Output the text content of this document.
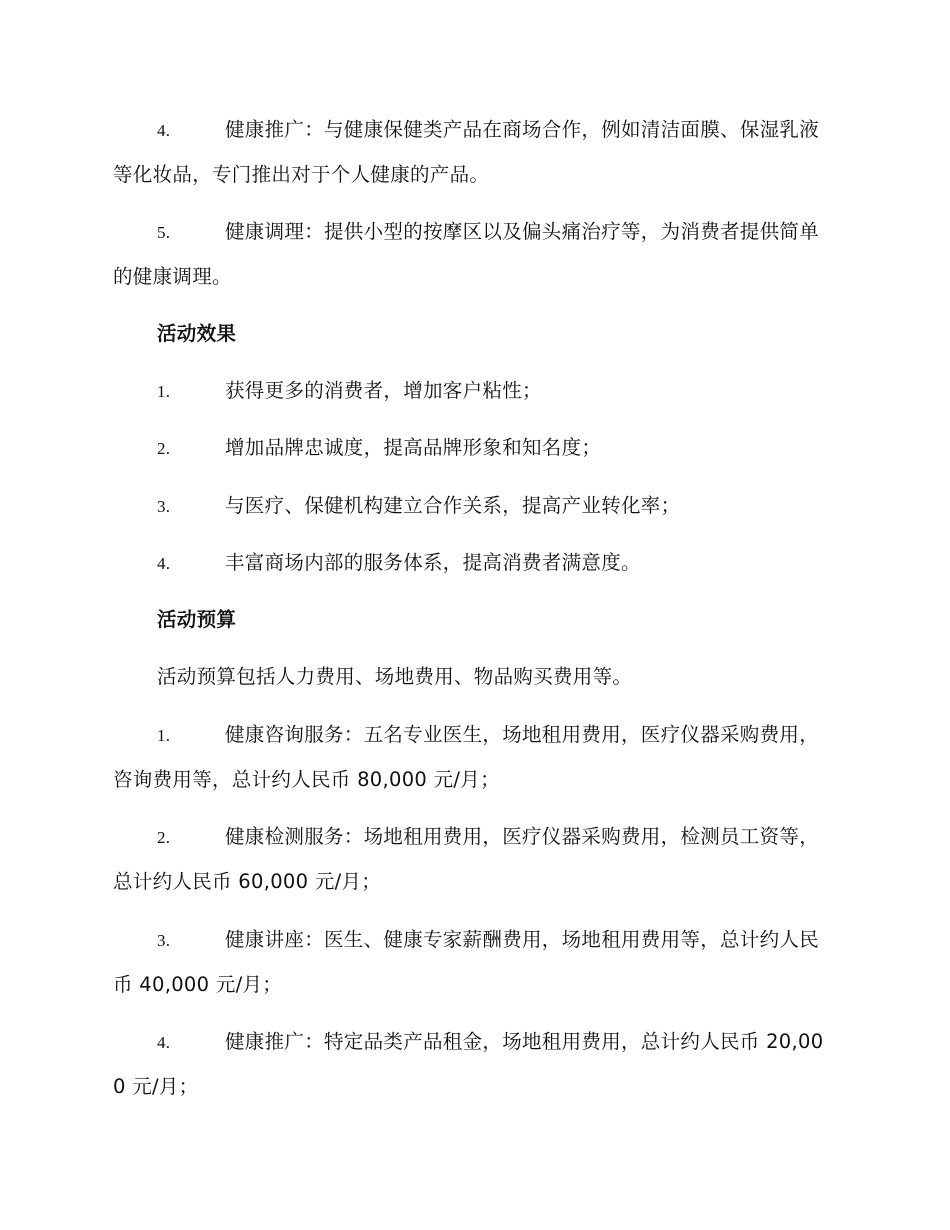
4.	健康推广：与健康保健类产品在商场合作，例如清洁面膜、保湿乳液等化妆品，专门推出对于个人健康的产品。

5.	健康调理：提供小型的按摩区以及偏头痛治疗等，为消费者提供简单的健康调理。

活动效果

1.	获得更多的消费者，增加客户粘性；

2.	增加品牌忠诚度，提高品牌形象和知名度；

3.	与医疗、保健机构建立合作关系，提高产业转化率；

4.	丰富商场内部的服务体系，提高消费者满意度。

活动预算
活动预算包括人力费用、场地费用、物品购买费用等。

1.	健康咨询服务：五名专业医生，场地租用费用，医疗仪器采购费用，咨询费用等，总计约人民币 80,000 元/月；

2.	健康检测服务：场地租用费用，医疗仪器采购费用，检测员工资等，总计约人民币 60,000 元/月；

3.	健康讲座：医生、健康专家薪酬费用，场地租用费用等，总计约人民币 40,000 元/月；

4.	健康推广：特定品类产品租金，场地租用费用，总计约人民币 20,000 元/月；
